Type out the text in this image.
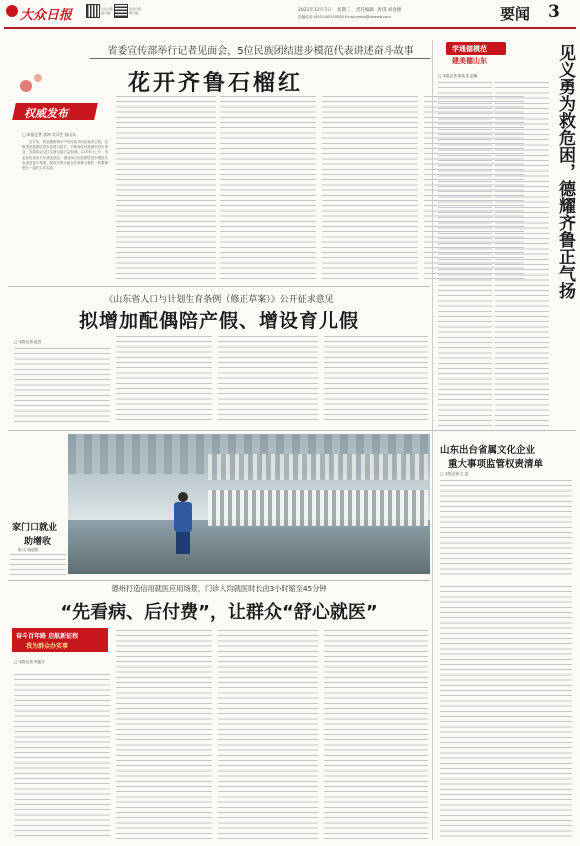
大众日报	大众日报 客户端
大众日报 客户端	2021年12月7日 星期二 责任编辑 唐琪 刘春德
投稿电话:(0531)85193500 Email:ywhb@dzwww.com	要闻 3
省委宣传部举行记者见面会，5位民族团结进步模范代表讲述奋斗故事
花开齐鲁石榴红
权威发布
□ 本报记者 武坤 实习生 孙山东
近年来，我省聚焦铸牢中华民族共同体意识主线，以推进民族团结进步创建为抓手，不断深化民族团结进步事业，各族群众交往交流交融日益加深。12月6日上午，省委宣传部举行记者见面会，邀请5位民族团结进步模范代表讲述奋斗故事，展现齐鲁大地各民族像石榴籽一样紧紧抱在一起的生动实践。
学通德模范
建美德山东	见义勇为救危困，德耀齐鲁正气扬
□ 本报记者 陈兆龙 赵娴
《山东省人口与计划生育条例（修正草案）》公开征求意见
拟增加配偶陪产假、增设育儿假
□ 本报记者 赵君
家门口就业
助增收
影/文 杨德阳
山东出台省属文化企业
重大事项监管权责清单
□ 本报记者 王 浩
德州打造信用就医应用场景，门诊人均就医时长由3小时缩至45分钟
“先看病、后付费”，让群众“舒心就医”
奋斗百年路 启航新征程
我为群众办实事
□ 本报记者 李振宇
